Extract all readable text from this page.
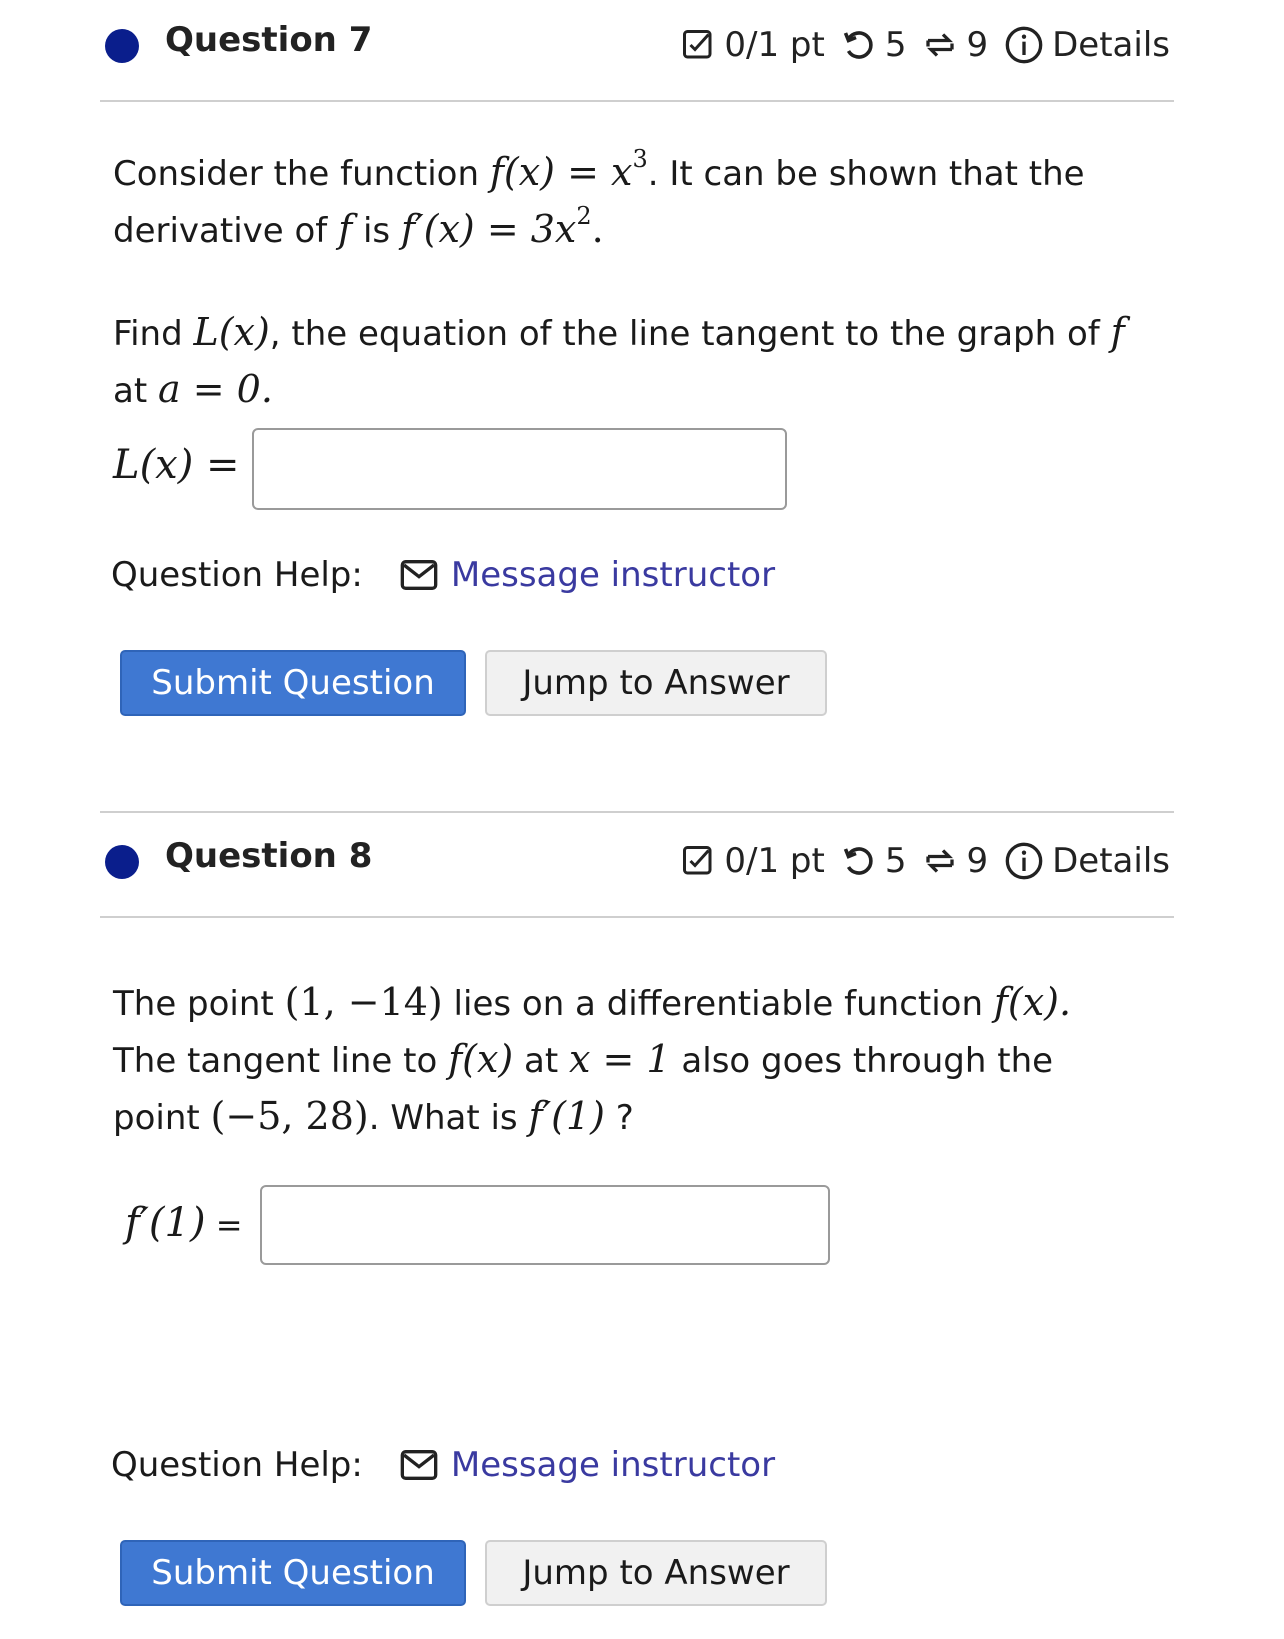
Question 7	0/1 pt 5 9 Details
Consider the function $f(x) = x^3$. It can be shown that the
derivative of f is $f'(x) = 3x^2$.
Find L(x), the equation of the line tangent to the graph of f
at a = 0.
L(x) =
Question Help:	Message instructor
Submit Question	Jump to Answer
Question 8	0/1 pt 5 9 Details
The point (1, −14) lies on a differentiable function f(x).
The tangent line to f(x) at x = 1 also goes through the
point (−5, 28). What is f′(1) ?
f′(1) =
Question Help:	Message instructor
Submit Question	Jump to Answer
